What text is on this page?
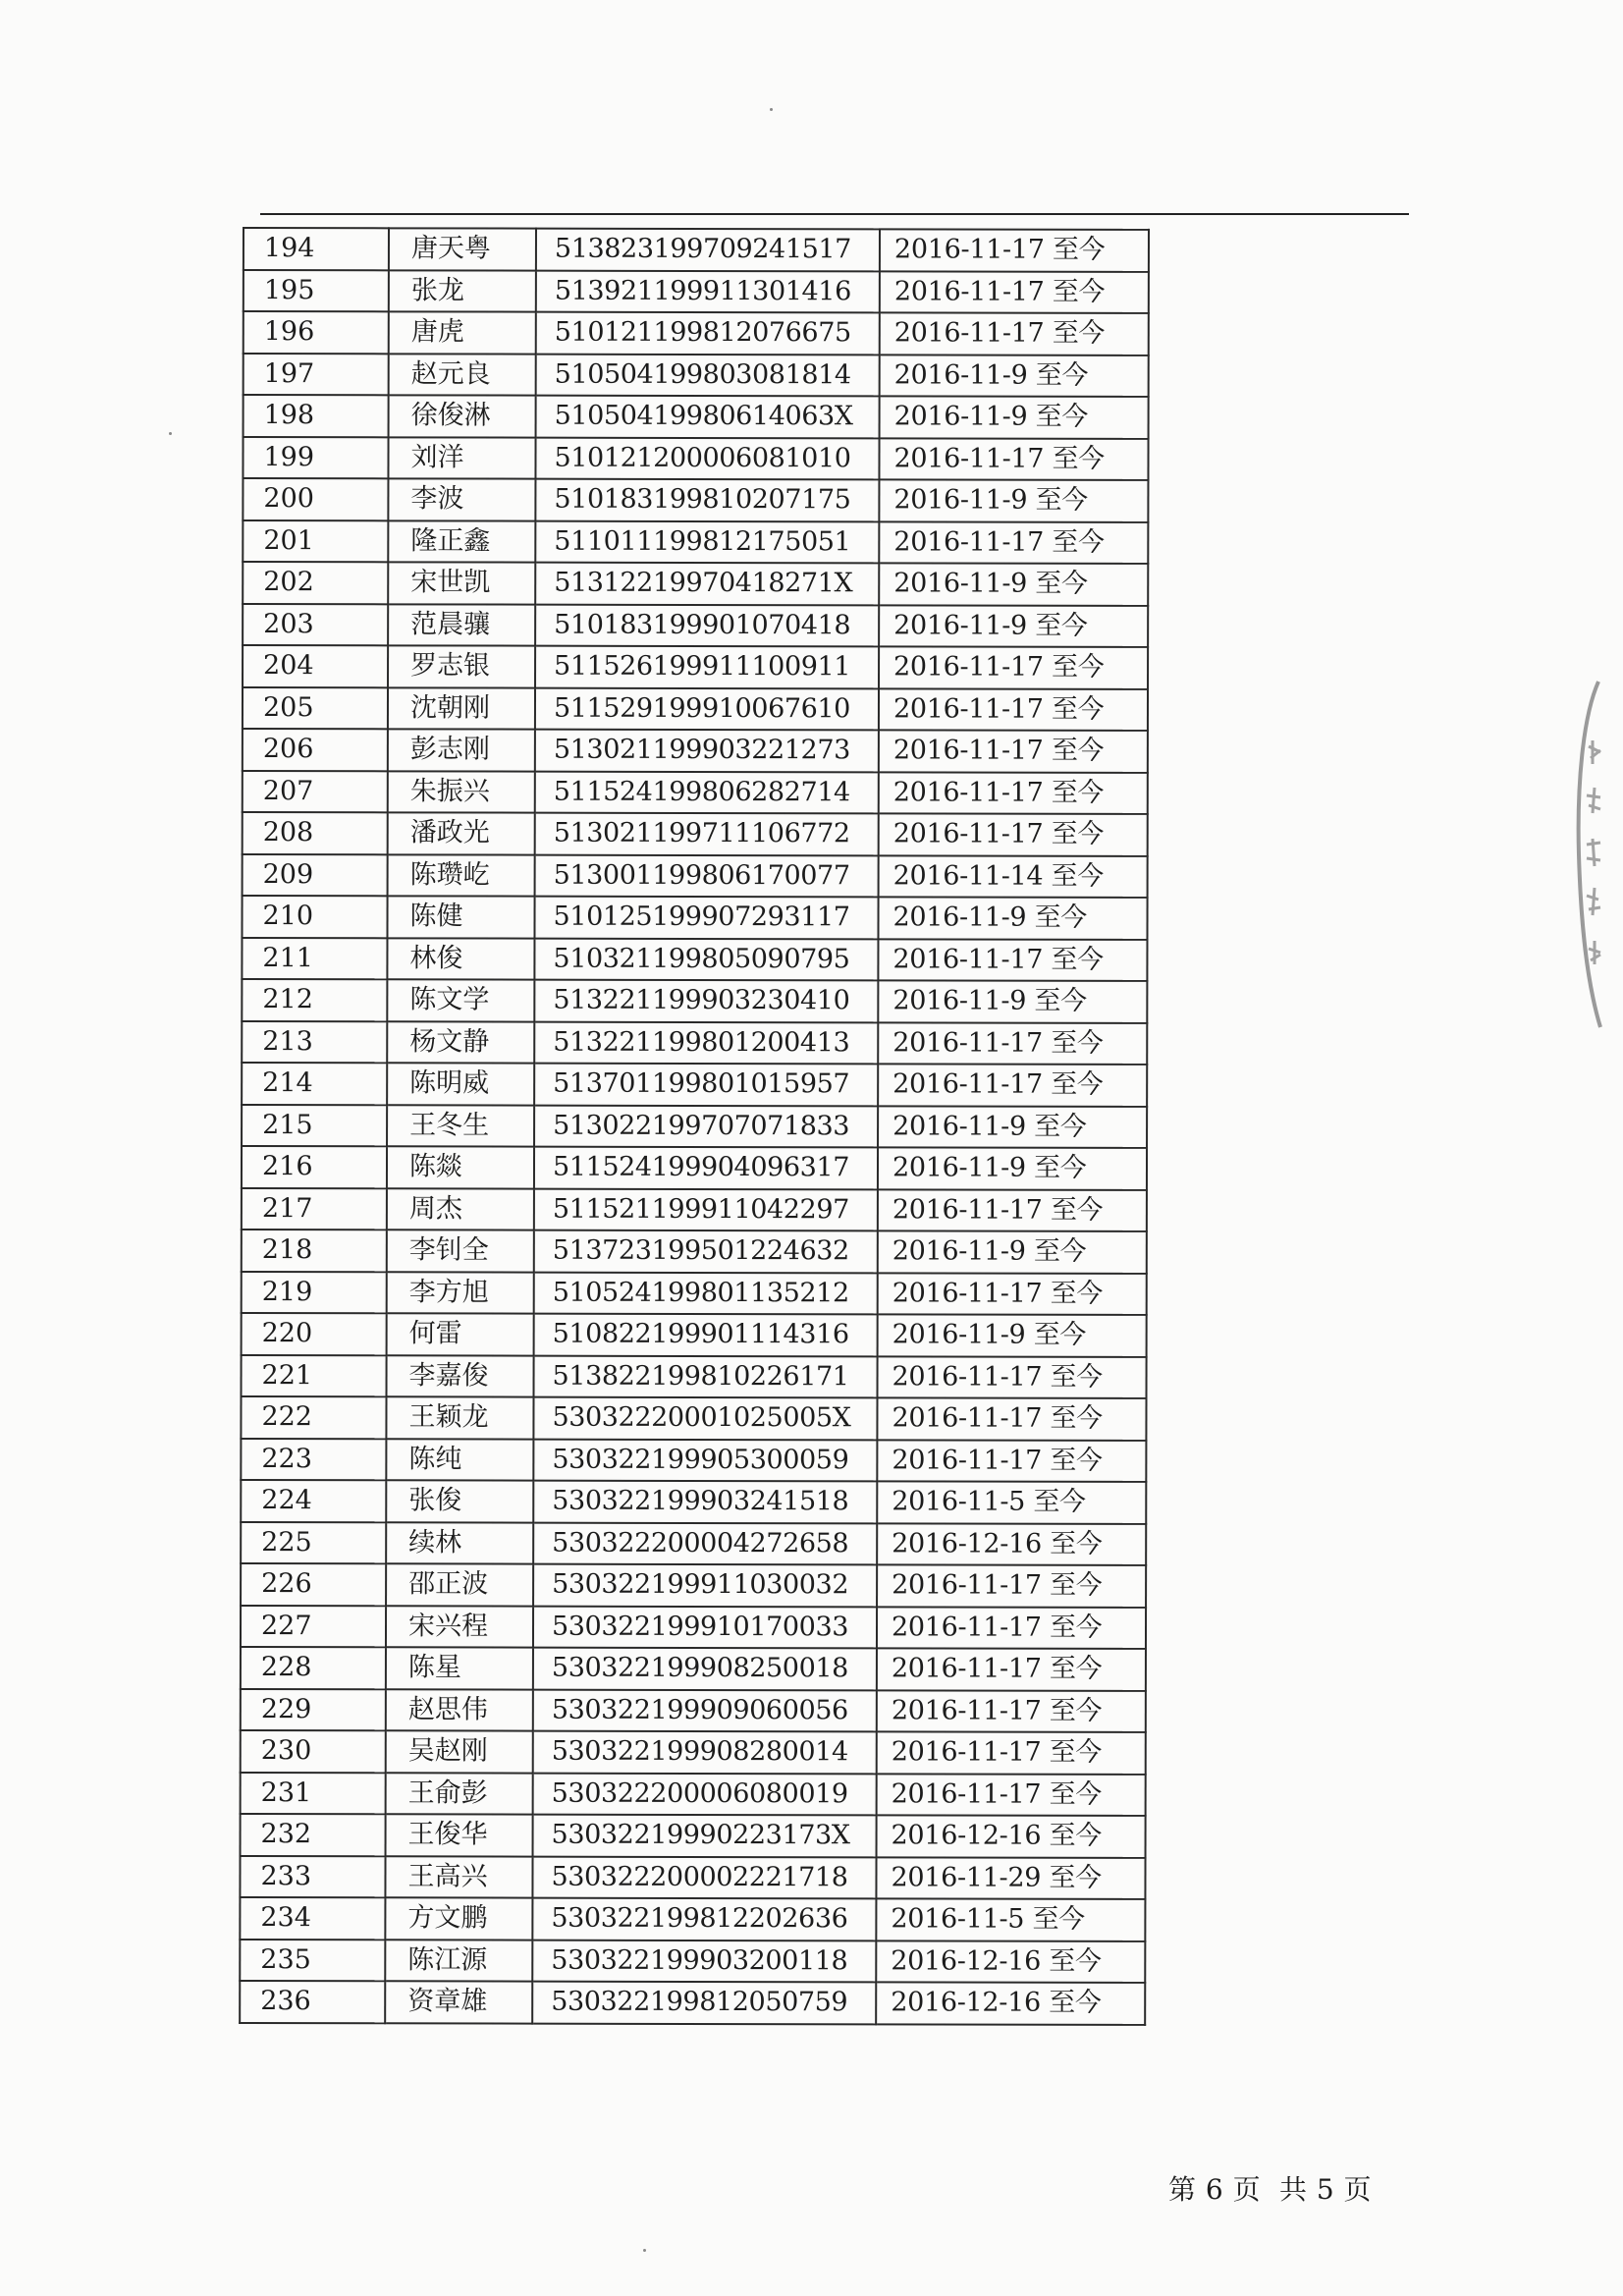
194	唐天粤	513823199709241517	2016-11-17 至今
195	张龙	513921199911301416	2016-11-17 至今
196	唐虎	510121199812076675	2016-11-17 至今
197	赵元良	510504199803081814	2016-11-9 至今
198	徐俊淋	51050419980614063X	2016-11-9 至今
199	刘洋	510121200006081010	2016-11-17 至今
200	李波	510183199810207175	2016-11-9 至今
201	隆正鑫	511011199812175051	2016-11-17 至今
202	宋世凯	51312219970418271X	2016-11-9 至今
203	范晨骧	510183199901070418	2016-11-9 至今
204	罗志银	511526199911100911	2016-11-17 至今
205	沈朝刚	511529199910067610	2016-11-17 至今
206	彭志刚	513021199903221273	2016-11-17 至今
207	朱振兴	511524199806282714	2016-11-17 至今
208	潘政光	513021199711106772	2016-11-17 至今
209	陈瓒屹	513001199806170077	2016-11-14 至今
210	陈健	510125199907293117	2016-11-9 至今
211	林俊	510321199805090795	2016-11-17 至今
212	陈文学	513221199903230410	2016-11-9 至今
213	杨文静	513221199801200413	2016-11-17 至今
214	陈明威	513701199801015957	2016-11-17 至今
215	王冬生	513022199707071833	2016-11-9 至今
216	陈燚	511524199904096317	2016-11-9 至今
217	周杰	511521199911042297	2016-11-17 至今
218	李钊全	513723199501224632	2016-11-9 至今
219	李方旭	510524199801135212	2016-11-17 至今
220	何雷	510822199901114316	2016-11-9 至今
221	李嘉俊	513822199810226171	2016-11-17 至今
222	王颖龙	53032220001025005X	2016-11-17 至今
223	陈纯	530322199905300059	2016-11-17 至今
224	张俊	530322199903241518	2016-11-5 至今
225	续林	530322200004272658	2016-12-16 至今
226	邵正波	530322199911030032	2016-11-17 至今
227	宋兴程	530322199910170033	2016-11-17 至今
228	陈星	530322199908250018	2016-11-17 至今
229	赵思伟	530322199909060056	2016-11-17 至今
230	吴赵刚	530322199908280014	2016-11-17 至今
231	王俞彭	530322200006080019	2016-11-17 至今
232	王俊华	53032219990223173X	2016-12-16 至今
233	王高兴	530322200002221718	2016-11-29 至今
234	方文鹏	530322199812202636	2016-11-5 至今
235	陈江源	530322199903200118	2016-12-16 至今
236	资章雄	530322199812050759	2016-12-16 至今
第 6 页 共 5 页
